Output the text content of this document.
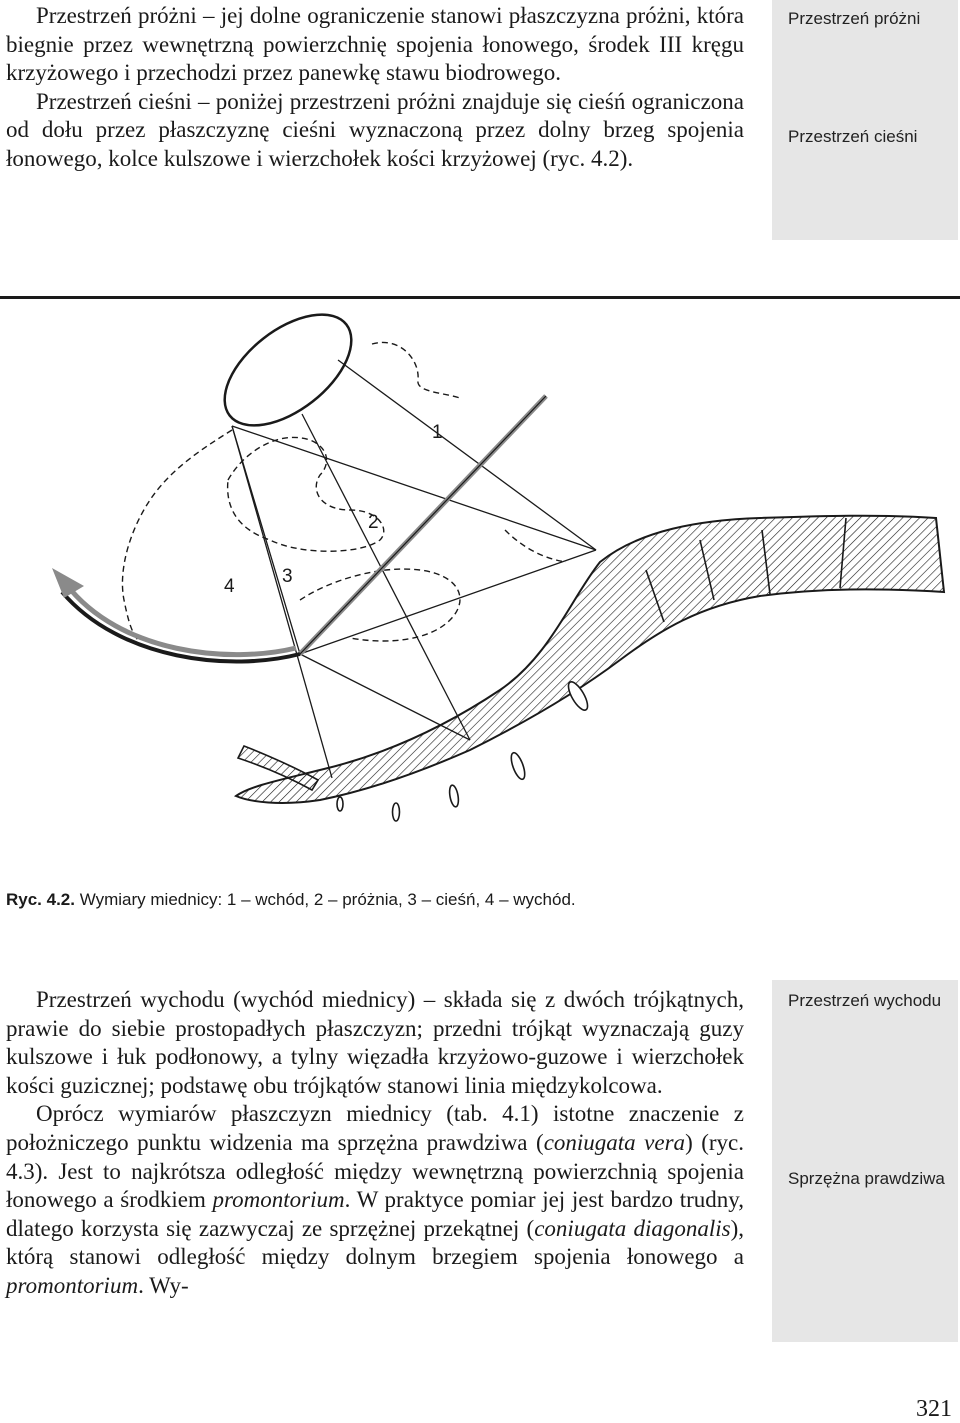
Przestrzeń próżni – jej dolne ograniczenie stanowi płaszczyzna próżni, która biegnie przez wewnętrzną powierzchnię spojenia łonowego, środek III kręgu krzyżowego i przechodzi przez panewkę stawu biodrowego.

Przestrzeń cieśni – poniżej przestrzeni próżni znajduje się cieśń ograniczona od dołu przez płaszczyznę cieśni wyznaczoną przez dolny brzeg spojenia łonowego, kolce kulszowe i wierzchołek kości krzyżowej (ryc. 4.2).

Przestrzeń próżni
Przestrzeń cieśni
1
2
3
4
Ryc. 4.2. Wymiary miednicy: 1 – wchód, 2 – próżnia, 3 – cieśń, 4 – wychód.

Przestrzeń wychodu (wychód miednicy) – składa się z dwóch trójkątnych, prawie do siebie prostopadłych płaszczyzn; przedni trójkąt wyznaczają guzy kulszowe i łuk podłonowy, a tylny więzadła krzyżowo-guzowe i wierzchołek kości guzicznej; podstawę obu trójkątów stanowi linia międzykolcowa.

Oprócz wymiarów płaszczyzn miednicy (tab. 4.1) istotne znaczenie z położniczego punktu widzenia ma sprzężna prawdziwa (coniugata vera) (ryc. 4.3). Jest to najkrótsza odległość między wewnętrzną powierzchnią spojenia łonowego a środkiem promontorium. W praktyce pomiar jej jest bardzo trudny, dlatego korzysta się zazwyczaj ze sprzężnej przekątnej (coniugata diagonalis), którą stanowi odległość między dolnym brzegiem spojenia łonowego a promontorium. Wy-

Przestrzeń wychodu
Sprzężna prawdziwa
321
